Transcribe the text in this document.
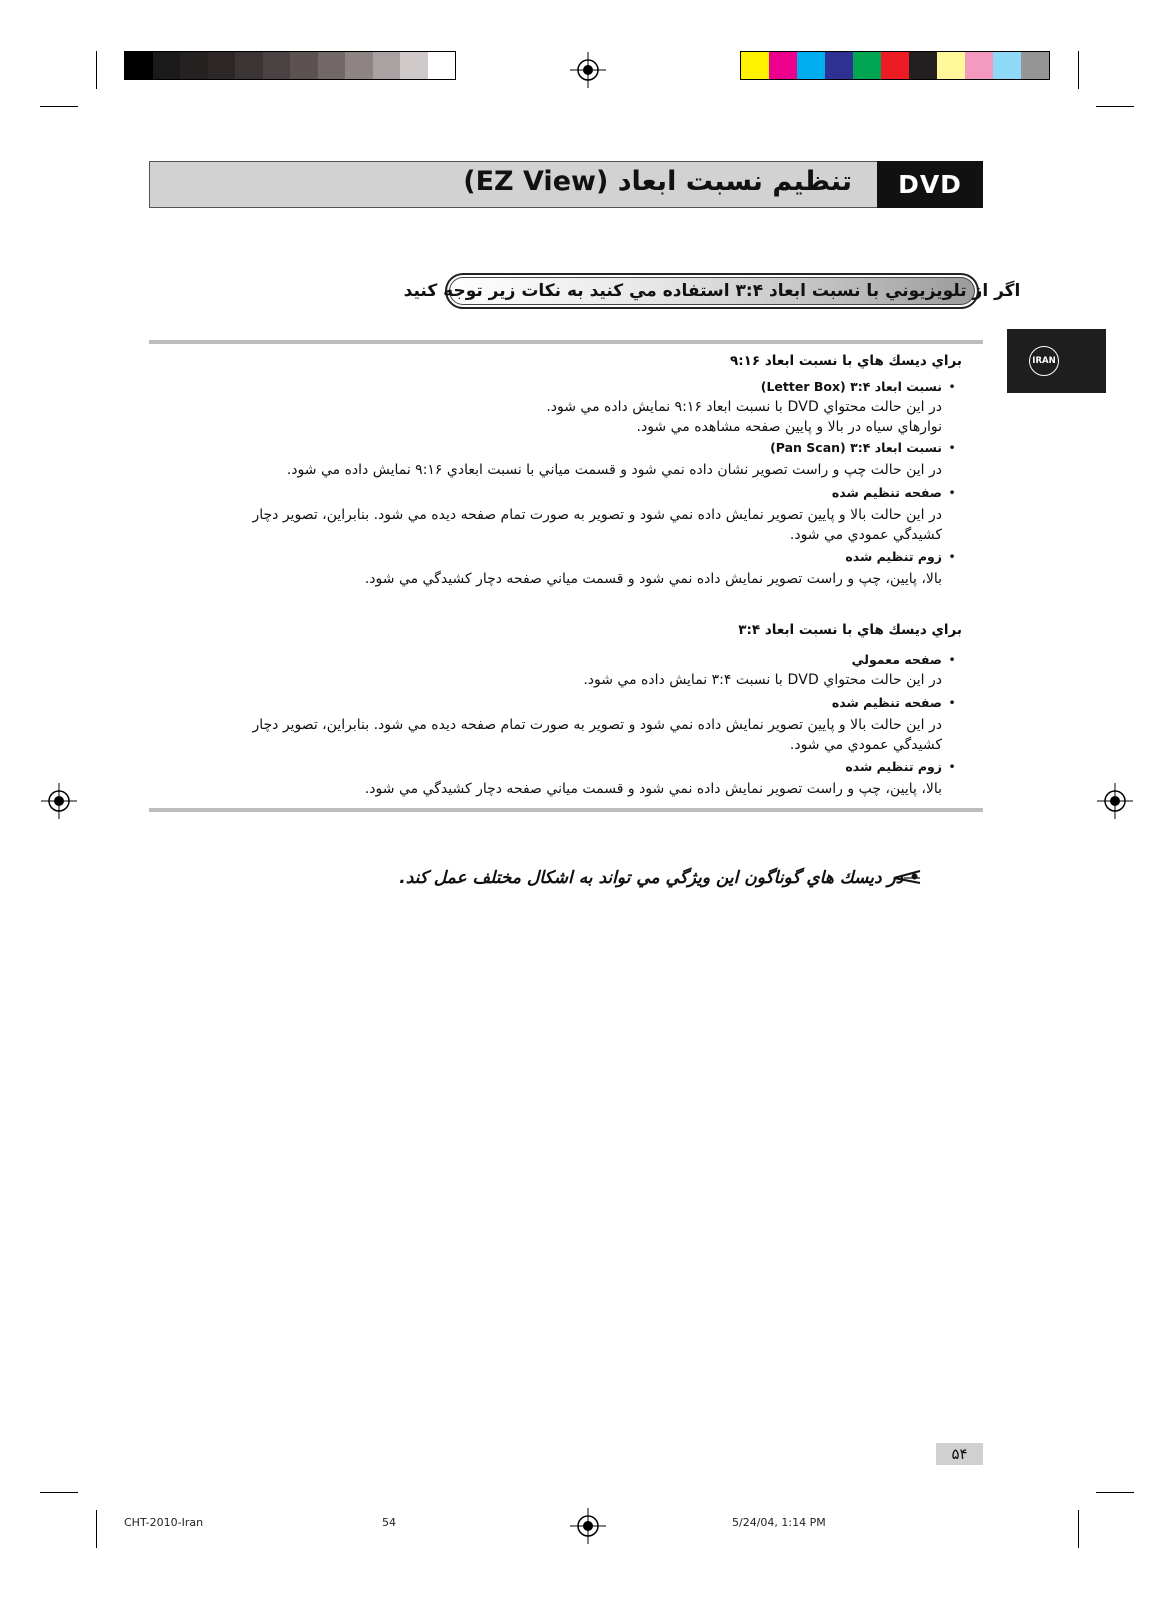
تنظيم نسبت ابعاد (EZ View)	DVD
اگر از تلويزيوني با نسبت ابعاد ۳:۴ استفاده مي كنيد به نكات زير توجه كنيد
IRAN

براي ديسك هاي با نسبت ابعاد ۹:۱۶

• نسبت ابعاد ۳:۴ (Letter Box)

در اين حالت محتواي DVD با نسبت ابعاد ۹:۱۶ نمايش داده مي شود.

نوارهاي سياه در بالا و پايين صفحه مشاهده مي شود.

• نسبت ابعاد ۳:۴ (Pan Scan)

در اين حالت چپ و راست تصوير نشان داده نمي شود و قسمت مياني با نسبت ابعادي ۹:۱۶ نمايش داده مي شود.

• صفحه تنظيم شده

در اين حالت بالا و پايين تصوير نمايش داده نمي شود و تصوير به صورت تمام صفحه ديده مي شود. بنابراين، تصوير دچار

كشيدگي عمودي مي شود.

• زوم تنظيم شده

بالا، پايين، چپ و راست تصوير نمايش داده نمي شود و قسمت مياني صفحه دچار كشيدگي مي شود.

براي ديسك هاي با نسبت ابعاد ۳:۴

• صفحه معمولي

در اين حالت محتواي DVD با نسبت ۳:۴ نمايش داده مي شود.

• صفحه تنظيم شده

در اين حالت بالا و پايين تصوير نمايش داده نمي شود و تصوير به صورت تمام صفحه ديده مي شود. بنابراين، تصوير دچار

كشيدگي عمودي مي شود.

• زوم تنظيم شده

بالا، پايين، چپ و راست تصوير نمايش داده نمي شود و قسمت مياني صفحه دچار كشيدگي مي شود.

• در ديسك هاي گوناگون اين ويژگي مي تواند به اشكال مختلف عمل كند.
۵۴
CHT-2010-Iran	54	5/24/04, 1:14 PM
